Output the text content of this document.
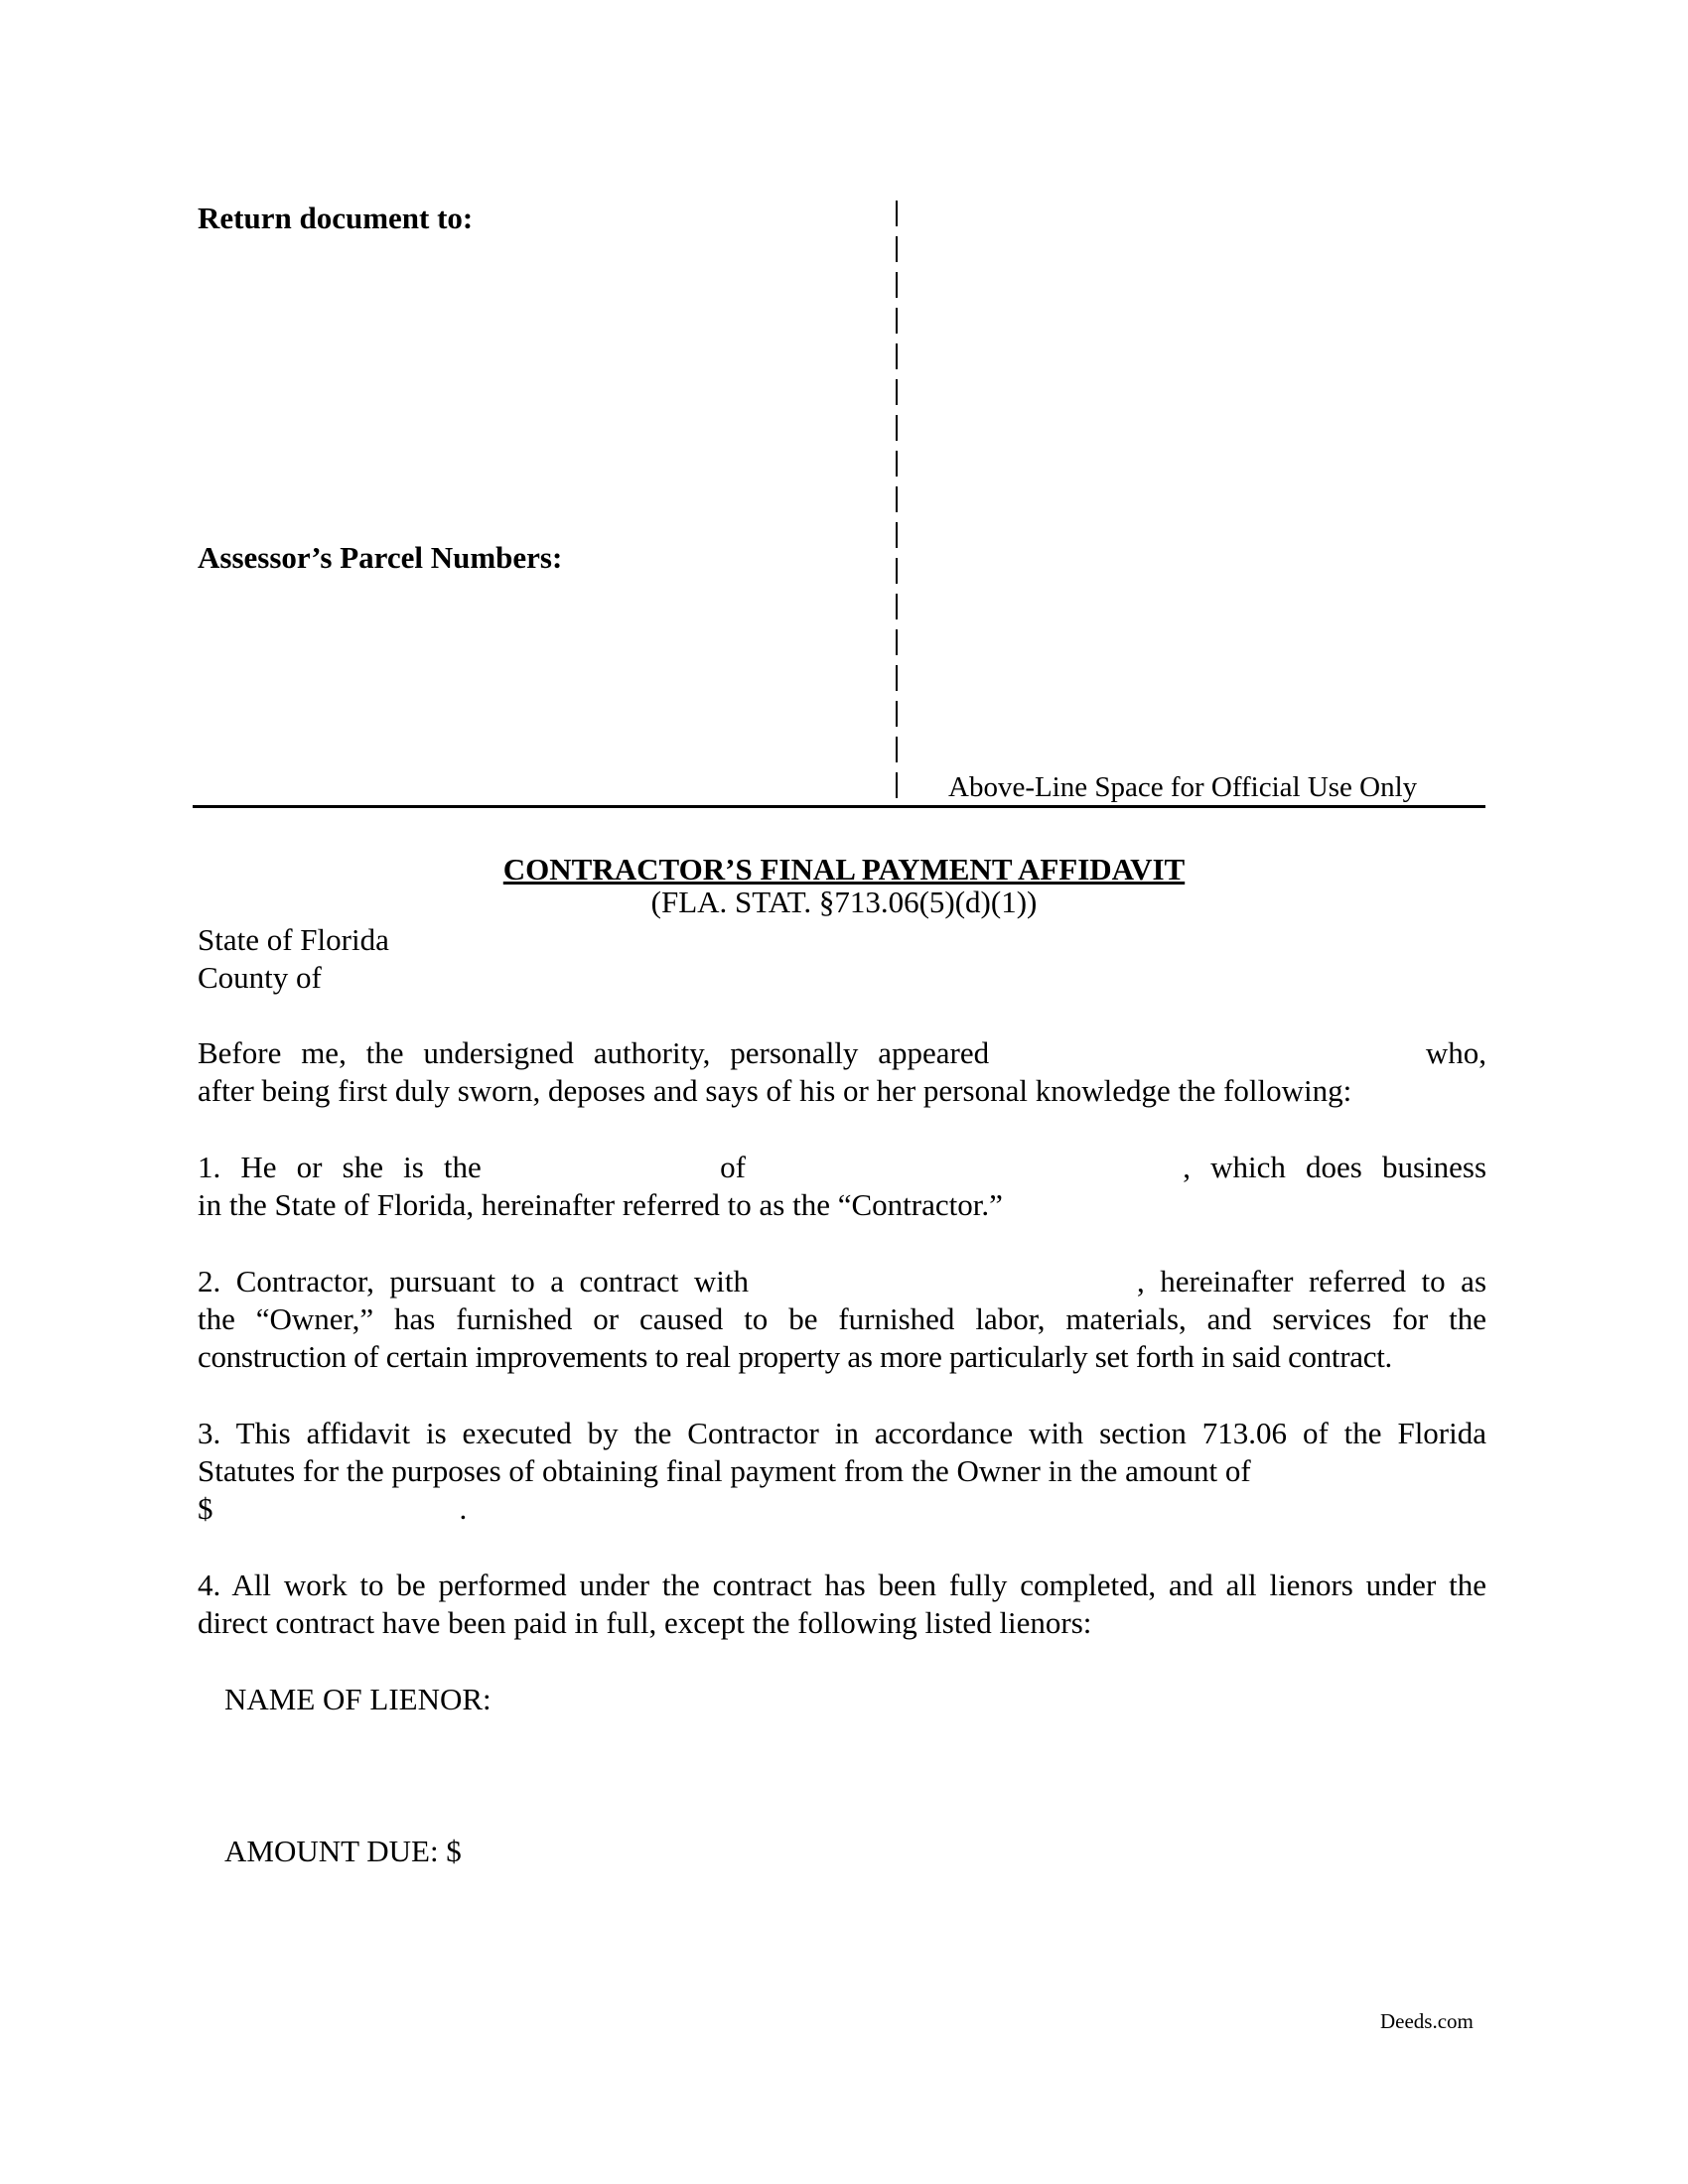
Return document to:
Assessor’s Parcel Numbers:
Above-Line Space for Official Use Only
CONTRACTOR’S FINAL PAYMENT AFFIDAVIT
(FLA. STAT. §713.06(5)(d)(1))
State of Florida
County of
Before me, the undersigned authority, personally appeared	who,
after being first duly sworn, deposes and says of his or her personal knowledge the following:
1. He or she is the	of	, which does business
in the State of Florida, hereinafter referred to as the “Contractor.”
2. Contractor, pursuant to a contract with	, hereinafter referred to as
the “Owner,” has furnished or caused to be furnished labor, materials, and services for the
construction of certain improvements to real property as more particularly set forth in said contract.
3. This affidavit is executed by the Contractor in accordance with section 713.06 of the Florida
Statutes for the purposes of obtaining final payment from the Owner in the amount of
$	.
4. All work to be performed under the contract has been fully completed, and all lienors under the
direct contract have been paid in full, except the following listed lienors:
NAME OF LIENOR:
AMOUNT DUE: $
Deeds.com
